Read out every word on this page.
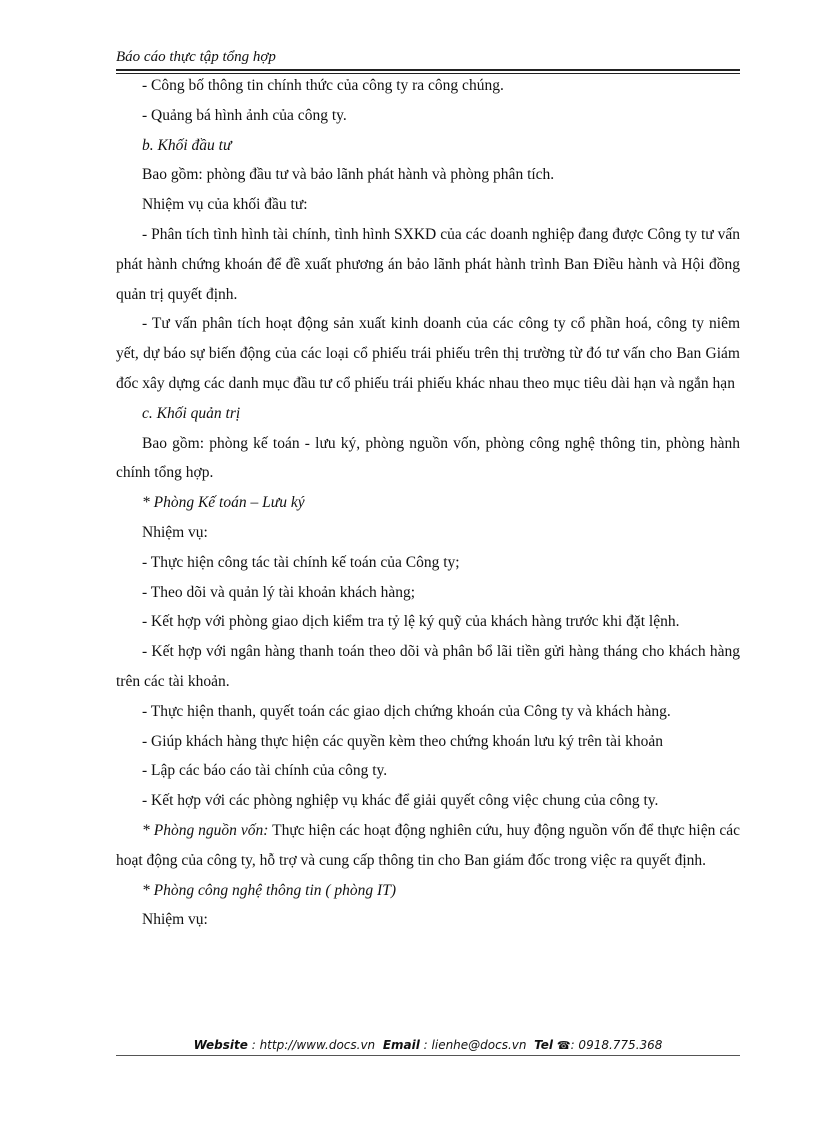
Báo cáo thực tập tổng hợp

- Công bố thông tin chính thức của công ty ra công chúng.

- Quảng bá hình ảnh của công ty.

b. Khối đầu tư

Bao gồm: phòng đầu tư và bảo lãnh phát hành và phòng phân tích.

Nhiệm vụ của khối đầu tư:

- Phân tích tình hình tài chính, tình hình SXKD của các doanh nghiệp đang được Công ty tư vấn phát hành chứng khoán để đề xuất phương án bảo lãnh phát hành trình Ban Điều hành và Hội đồng quản trị quyết định.

- Tư vấn phân tích hoạt động sản xuất kinh doanh của các công ty cổ phần hoá, công ty niêm yết, dự báo sự biến động của các loại cổ phiếu trái phiếu trên thị trường từ đó tư vấn cho Ban Giám đốc xây dựng các danh mục đầu tư cổ phiếu trái phiếu khác nhau theo mục tiêu dài hạn và ngắn hạn

c. Khối quản trị

Bao gồm: phòng kế toán - lưu ký, phòng nguồn vốn, phòng công nghệ thông tin, phòng hành chính tổng hợp.

* Phòng Kế toán – Lưu ký

Nhiệm vụ:

- Thực hiện công tác tài chính kế toán của Công ty;

- Theo dõi và quản lý tài khoản khách hàng;

- Kết hợp với phòng giao dịch kiểm tra tỷ lệ ký quỹ của khách hàng trước khi đặt lệnh.

- Kết hợp với ngân hàng thanh toán theo dõi và phân bổ lãi tiền gửi hàng tháng cho khách hàng trên các tài khoản.

- Thực hiện thanh, quyết toán các giao dịch chứng khoán của Công ty và khách hàng.

- Giúp khách hàng thực hiện các quyền kèm theo chứng khoán lưu ký trên tài khoản

- Lập các báo cáo tài chính của công ty.

- Kết hợp với các phòng nghiệp vụ khác để giải quyết công việc chung của công ty.

* Phòng nguồn vốn: Thực hiện các hoạt động nghiên cứu, huy động nguồn vốn để thực hiện các hoạt động của công ty, hỗ trợ và cung cấp thông tin cho Ban giám đốc trong việc ra quyết định.

* Phòng công nghệ thông tin ( phòng IT)

Nhiệm vụ:

Website : http://www.docs.vn Email : lienhe@docs.vn Tel ☎: 0918.775.368
